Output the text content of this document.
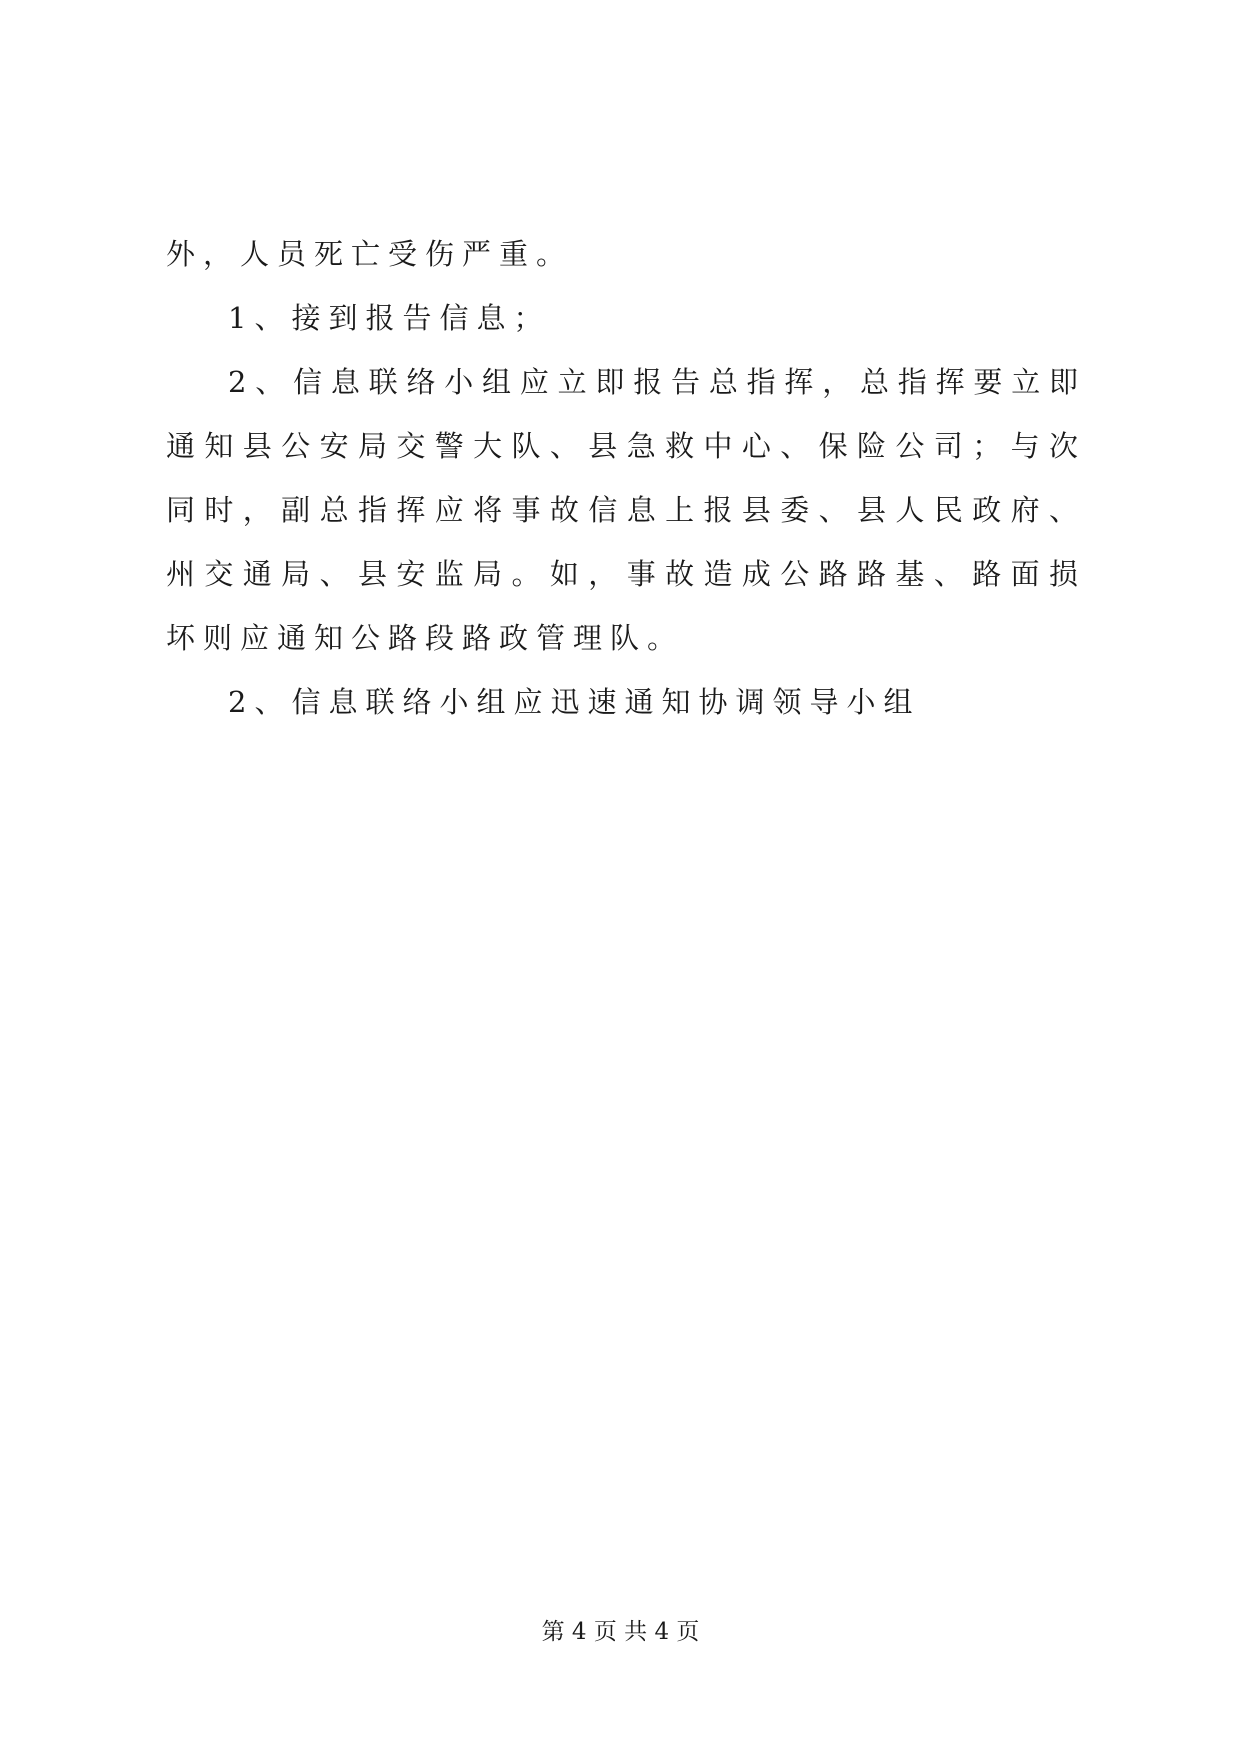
外，人员死亡受伤严重。

1、接到报告信息；

2、信息联络小组应立即报告总指挥，总指挥要立即通知县公安局交警大队、县急救中心、保险公司；与次同时，副总指挥应将事故信息上报县委、县人民政府、州交通局、县安监局。如，事故造成公路路基、路面损坏则应通知公路段路政管理队。

2、信息联络小组应迅速通知协调领导小组

第 4 页 共 4 页
